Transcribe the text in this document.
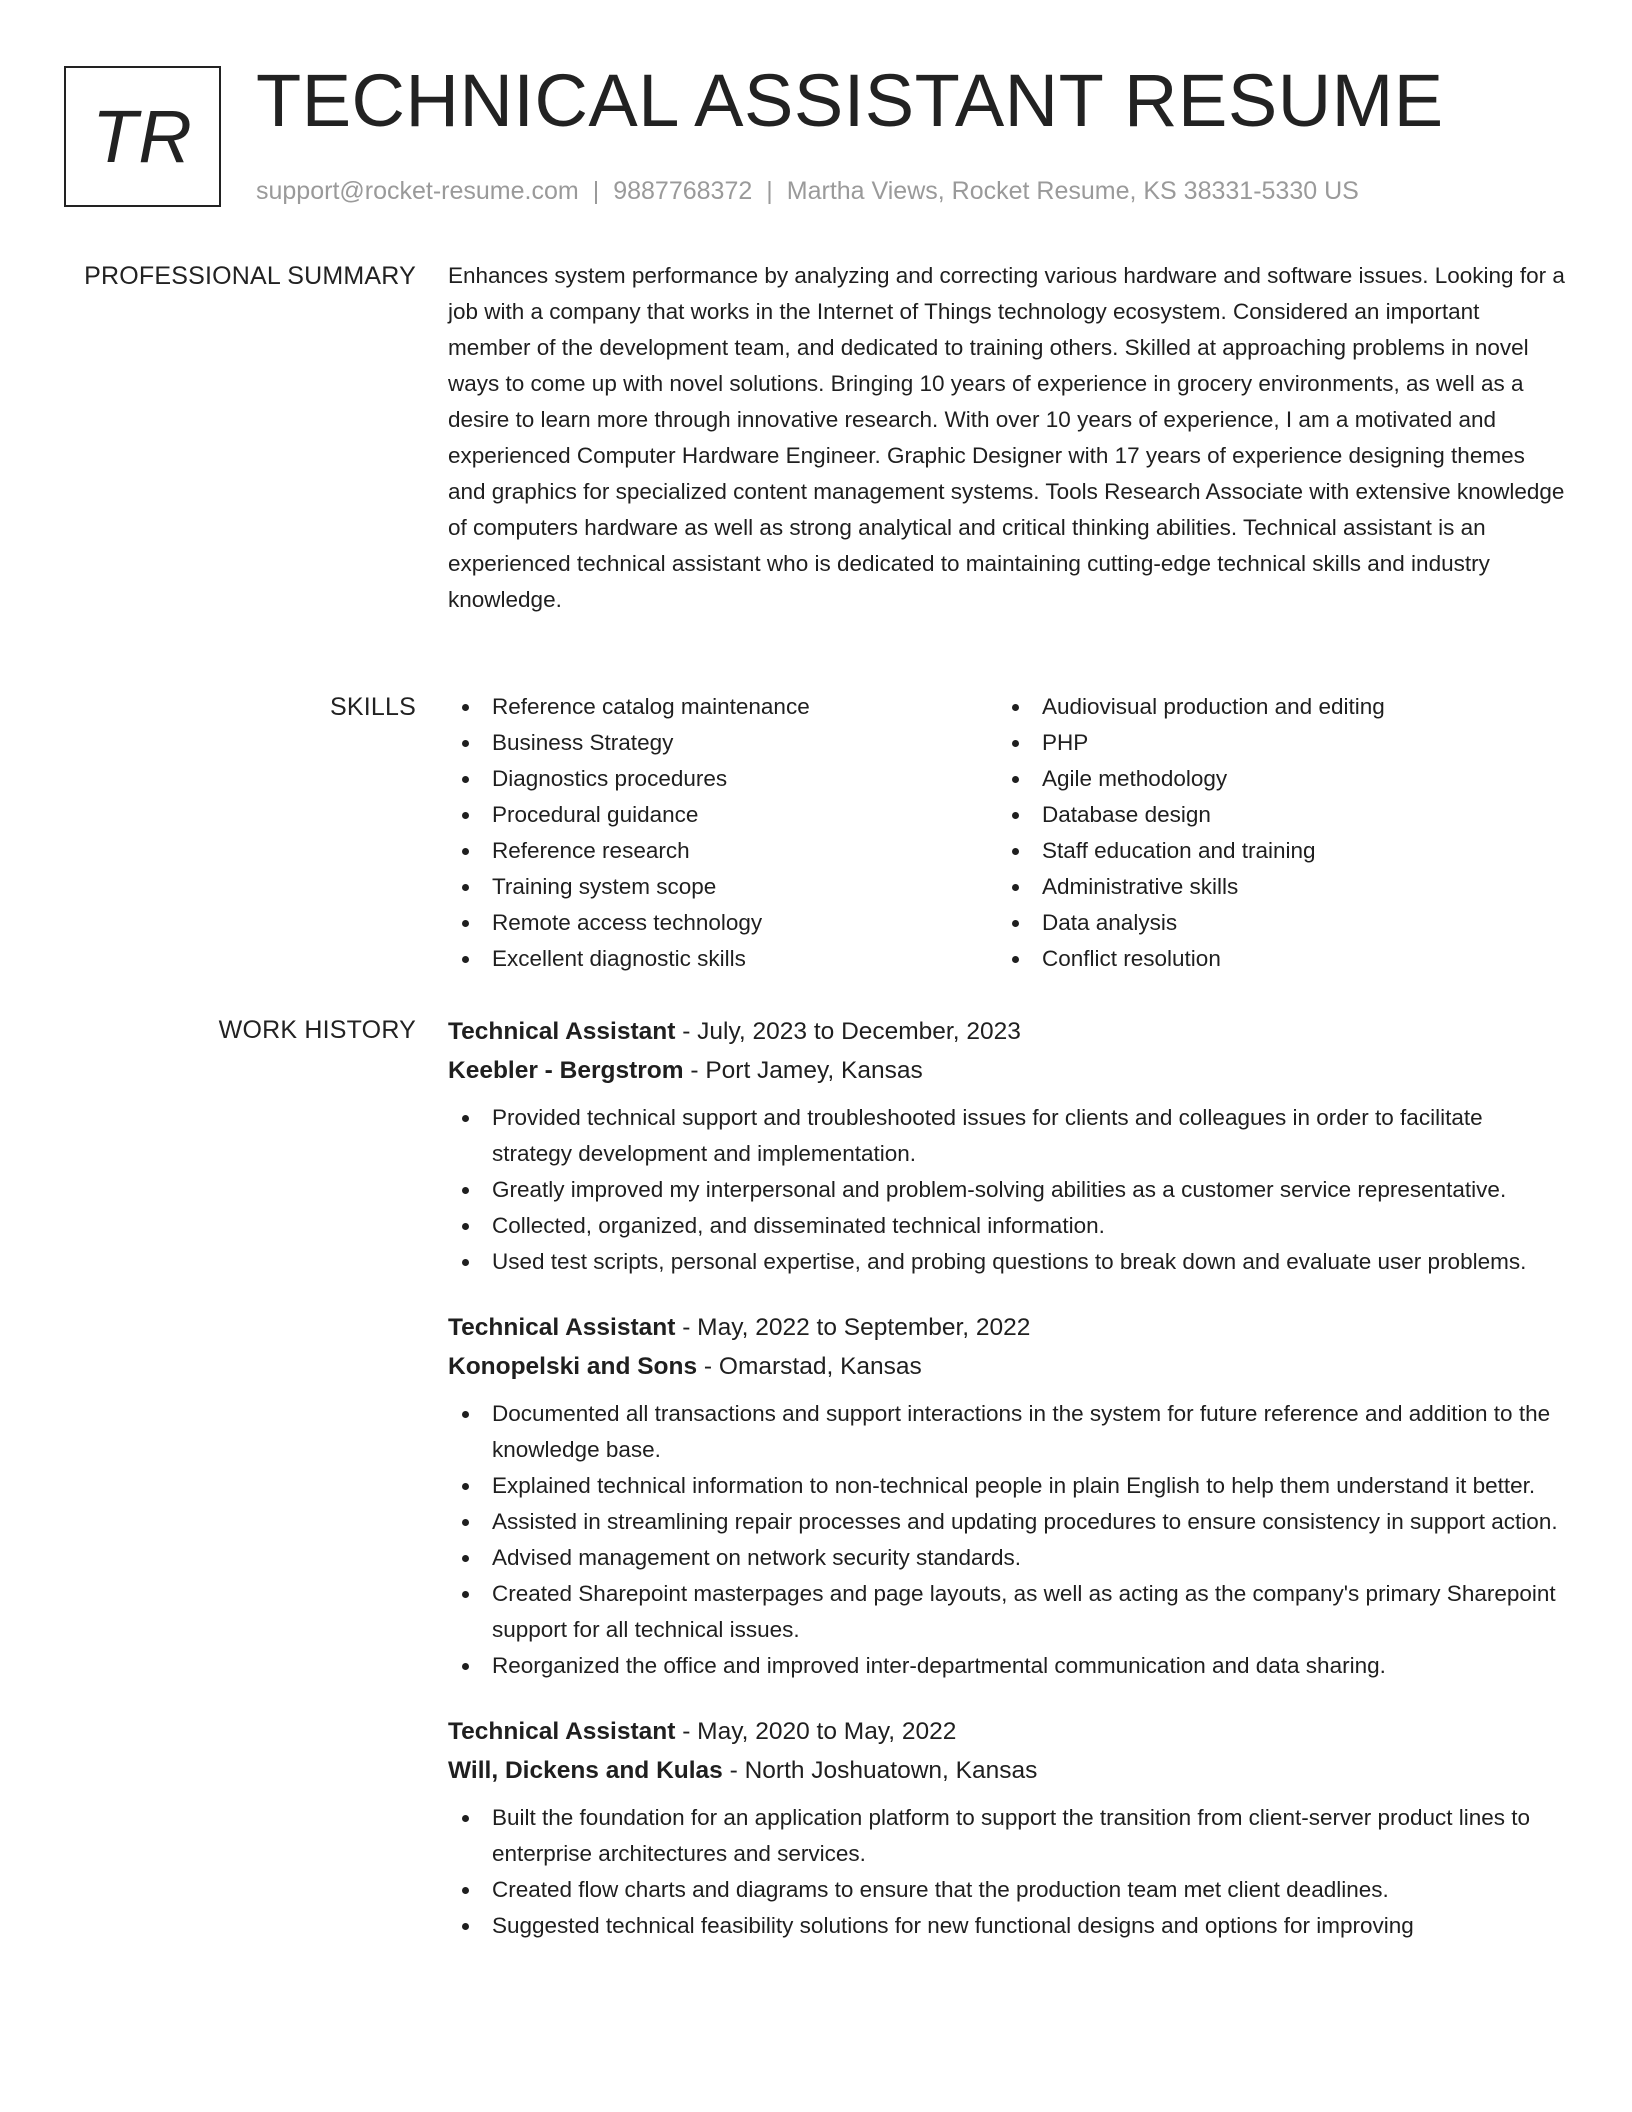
TR TECHNICAL ASSISTANT RESUME
support@rocket-resume.com | 9887768372 | Martha Views, Rocket Resume, KS 38331-5330 US
PROFESSIONAL SUMMARY Enhances system performance by analyzing and correcting various hardware and software issues. Looking for a job with a company that works in the Internet of Things technology ecosystem. Considered an important member of the development team, and dedicated to training others. Skilled at approaching problems in novel ways to come up with novel solutions. Bringing 10 years of experience in grocery environments, as well as a desire to learn more through innovative research. With over 10 years of experience, I am a motivated and experienced Computer Hardware Engineer. Graphic Designer with 17 years of experience designing themes and graphics for specialized content management systems. Tools Research Associate with extensive knowledge of computers hardware as well as strong analytical and critical thinking abilities. Technical assistant is an experienced technical assistant who is dedicated to maintaining cutting-edge technical skills and industry knowledge.

SKILLS	Reference catalog maintenance
Business Strategy
Diagnostics procedures
Procedural guidance
Reference research
Training system scope
Remote access technology
Excellent diagnostic skills
Audiovisual production and editing
PHP
Agile methodology
Database design
Staff education and training
Administrative skills
Data analysis
Conflict resolution
WORK HISTORY Technical Assistant - July, 2023 to December, 2023
Keebler - Bergstrom - Port Jamey, Kansas
Provided technical support and troubleshooted issues for clients and colleagues in order to facilitate strategy development and implementation.
Greatly improved my interpersonal and problem-solving abilities as a customer service representative.
Collected, organized, and disseminated technical information.
Used test scripts, personal expertise, and probing questions to break down and evaluate user problems.
Technical Assistant - May, 2022 to September, 2022
Konopelski and Sons - Omarstad, Kansas
Documented all transactions and support interactions in the system for future reference and addition to the knowledge base.
Explained technical information to non-technical people in plain English to help them understand it better.
Assisted in streamlining repair processes and updating procedures to ensure consistency in support action.
Advised management on network security standards.
Created Sharepoint masterpages and page layouts, as well as acting as the company's primary Sharepoint support for all technical issues.
Reorganized the office and improved inter-departmental communication and data sharing.
Technical Assistant - May, 2020 to May, 2022
Will, Dickens and Kulas - North Joshuatown, Kansas
Built the foundation for an application platform to support the transition from client-server product lines to enterprise architectures and services.
Created flow charts and diagrams to ensure that the production team met client deadlines.
Suggested technical feasibility solutions for new functional designs and options for improving
